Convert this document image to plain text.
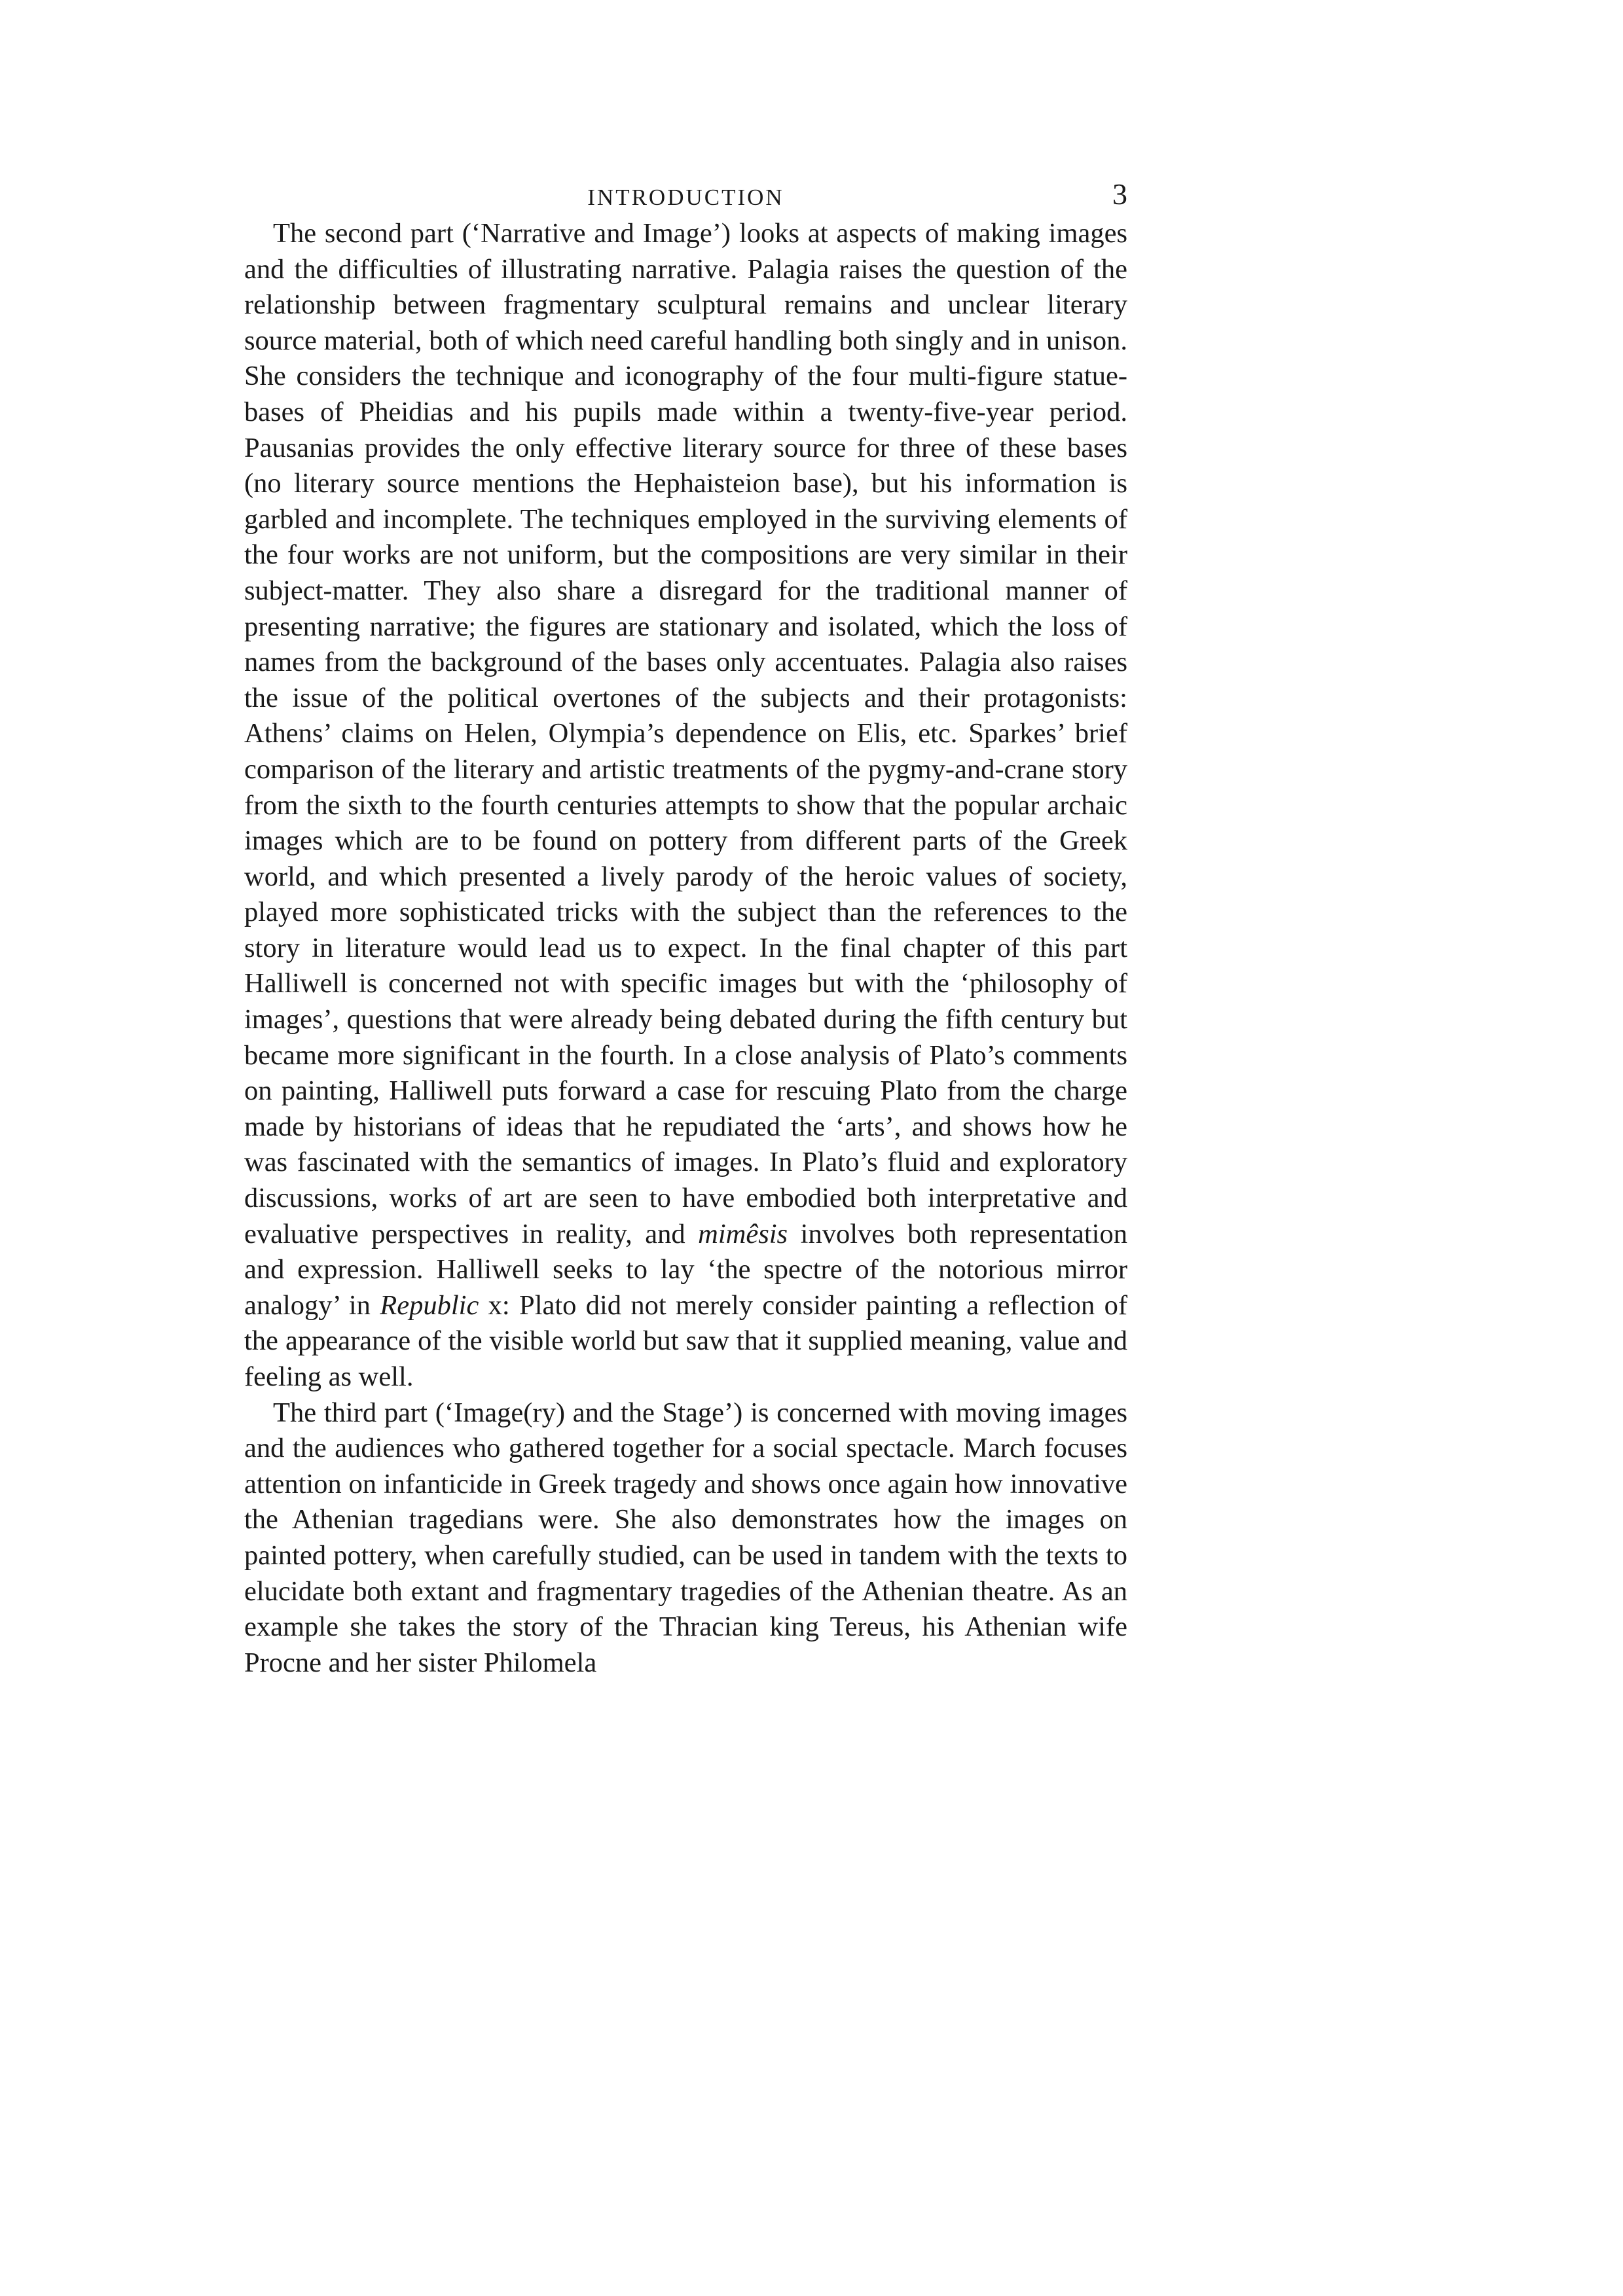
INTRODUCTION	3

The second part (‘Narrative and Image’) looks at aspects of making images and the difficulties of illustrating narrative. Palagia raises the question of the relationship between fragmentary sculptural remains and unclear literary source material, both of which need careful handling both singly and in unison. She considers the technique and iconography of the four multi-figure statue-bases of Pheidias and his pupils made within a twenty-five-year period. Pausanias provides the only effective literary source for three of these bases (no literary source mentions the Hephaisteion base), but his information is garbled and incomplete. The techniques employed in the surviving elements of the four works are not uniform, but the compositions are very similar in their subject-matter. They also share a disregard for the traditional manner of presenting narrative; the figures are stationary and isolated, which the loss of names from the background of the bases only accentuates. Palagia also raises the issue of the political overtones of the subjects and their protagonists: Athens’ claims on Helen, Olympia’s dependence on Elis, etc. Sparkes’ brief comparison of the literary and artistic treatments of the pygmy-and-crane story from the sixth to the fourth centuries attempts to show that the popular archaic images which are to be found on pottery from different parts of the Greek world, and which presented a lively parody of the heroic values of society, played more sophisticated tricks with the subject than the references to the story in literature would lead us to expect. In the final chapter of this part Halliwell is concerned not with specific images but with the ‘philosophy of images’, questions that were already being debated during the fifth century but became more significant in the fourth. In a close analysis of Plato’s comments on painting, Halliwell puts forward a case for rescuing Plato from the charge made by historians of ideas that he repudiated the ‘arts’, and shows how he was fascinated with the semantics of images. In Plato’s fluid and exploratory discussions, works of art are seen to have embodied both interpretative and evaluative perspectives in reality, and mimêsis involves both representation and expression. Halliwell seeks to lay ‘the spectre of the notorious mirror analogy’ in Republic x: Plato did not merely consider painting a reflection of the appearance of the visible world but saw that it supplied meaning, value and feeling as well.

The third part (‘Image(ry) and the Stage’) is concerned with moving images and the audiences who gathered together for a social spectacle. March focuses attention on infanticide in Greek tragedy and shows once again how innovative the Athenian tragedians were. She also demonstrates how the images on painted pottery, when carefully studied, can be used in tandem with the texts to elucidate both extant and fragmentary tragedies of the Athenian theatre. As an example she takes the story of the Thracian king Tereus, his Athenian wife Procne and her sister Philomela
